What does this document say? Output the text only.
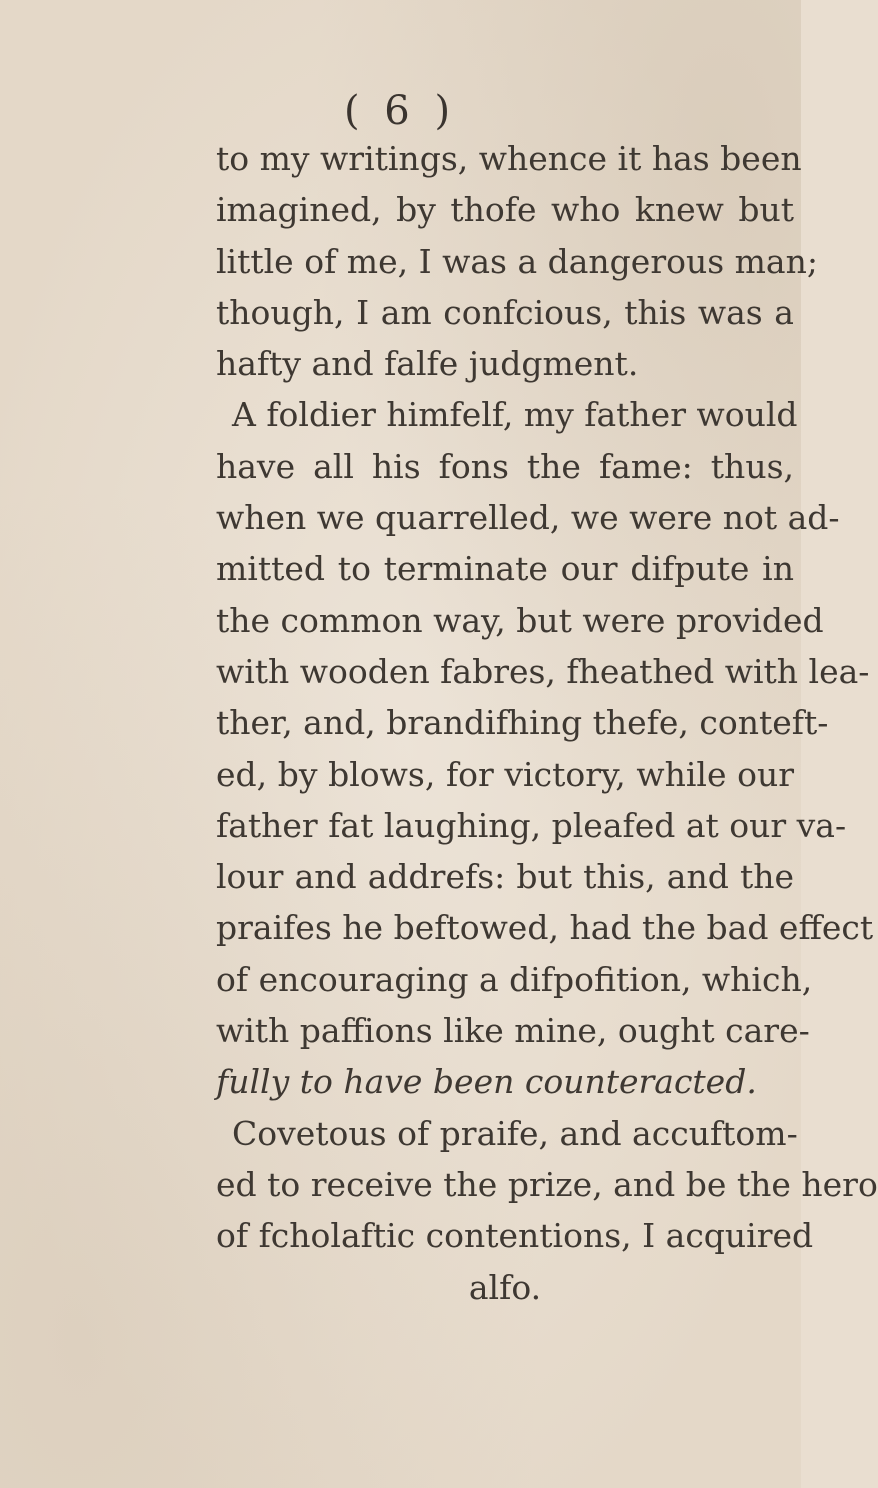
( 6 )
to my writings, whence it has been
imagined, by thofe who knew but
little of me, I was a dangerous man;
though, I am confcious, this was a
hafty and falfe judgment.
A foldier himfelf, my father would
have all his fons the fame: thus,
when we quarrelled, we were not ad-
mitted to terminate our difpute in
the common way, but were provided
with wooden fabres, fheathed with lea-
ther, and, brandifhing thefe, conteft-
ed, by blows, for victory, while our
father fat laughing, pleafed at our va-
lour and addrefs: but this, and the
praifes he beftowed, had the bad effect
of encouraging a difpofition, which,
with paffions like mine, ought care-
fully to have been counteracted.
Covetous of praife, and accuftom-
ed to receive the prize, and be the hero
of fcholaftic contentions, I acquired
alfo.
